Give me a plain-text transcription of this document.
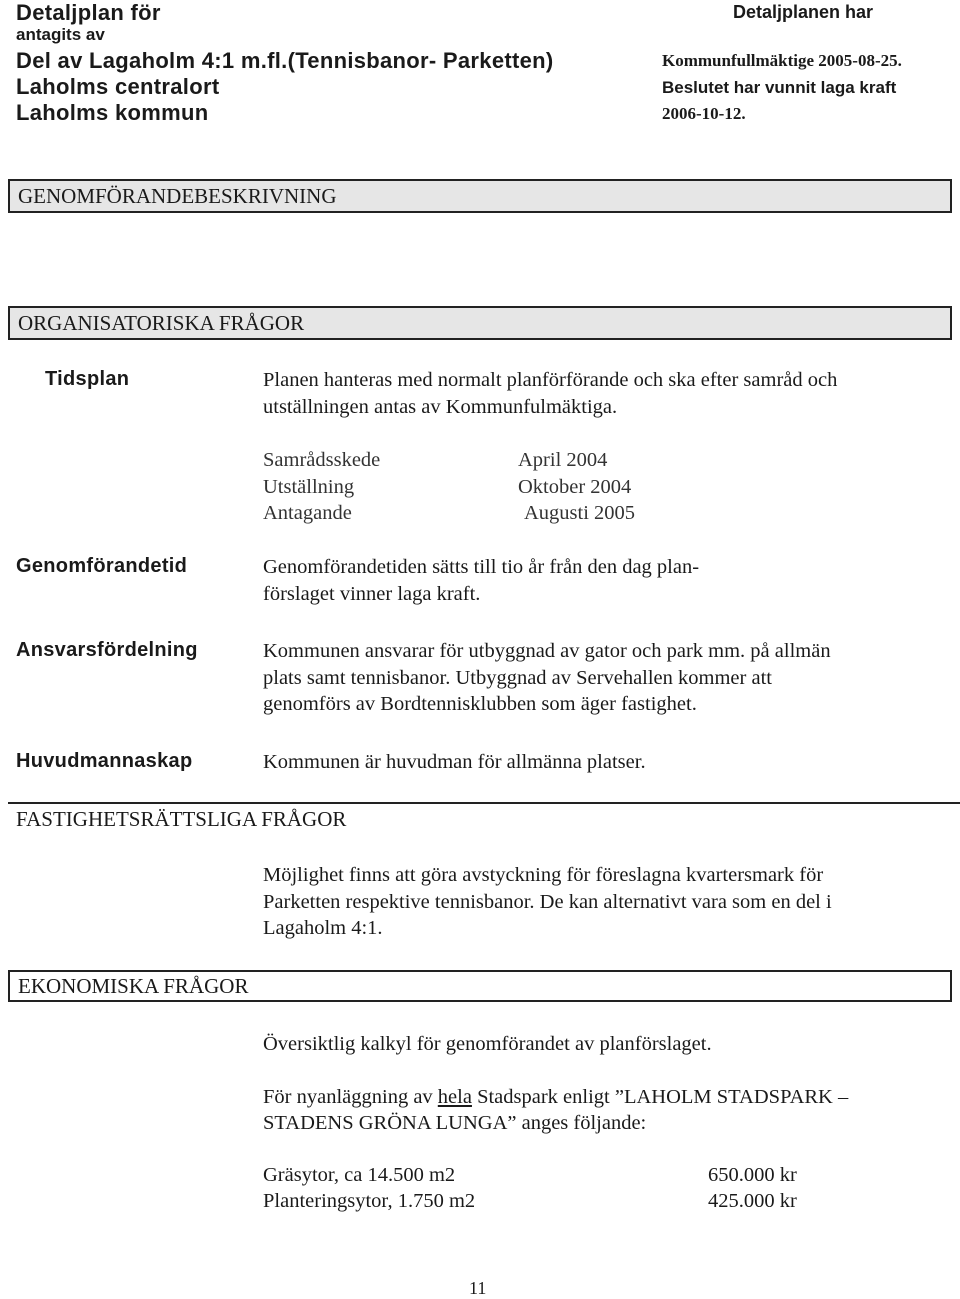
Detaljplan för
antagits av
Del av Lagaholm 4:1 m.fl.(Tennisbanor- Parketten)
Laholms centralort
Laholms kommun
Detaljplanen har
Kommunfullmäktige 2005-08-25.
Beslutet har vunnit laga kraft
2006-10-12.
GENOMFÖRANDEBESKRIVNING
ORGANISATORISKA FRÅGOR
Tidsplan	Planen hanteras med normalt planförförande och ska efter samråd och
utställningen antas av Kommunfulmäktiga.
Samrådsskede	April 2004
Utställning	Oktober 2004
Antagande	Augusti 2005
Genomförandetid	Genomförandetiden sätts till tio år från den dag plan-
förslaget vinner laga kraft.
Ansvarsfördelning	Kommunen ansvarar för utbyggnad av gator och park mm. på allmän
plats samt tennisbanor. Utbyggnad av Servehallen kommer att
genomförs av Bordtennisklubben som äger fastighet.
Huvudmannaskap	Kommunen är huvudman för allmänna platser.
FASTIGHETSRÄTTSLIGA FRÅGOR
Möjlighet finns att göra avstyckning för föreslagna kvartersmark för
Parketten respektive tennisbanor. De kan alternativt vara som en del i
Lagaholm 4:1.
EKONOMISKA FRÅGOR
Översiktlig kalkyl för genomförandet av planförslaget.
För nyanläggning av hela Stadspark enligt ”LAHOLM STADSPARK –
STADENS GRÖNA LUNGA” anges följande:
Gräsytor, ca 14.500 m2	650.000 kr
Planteringsytor, 1.750 m2	425.000 kr
11
